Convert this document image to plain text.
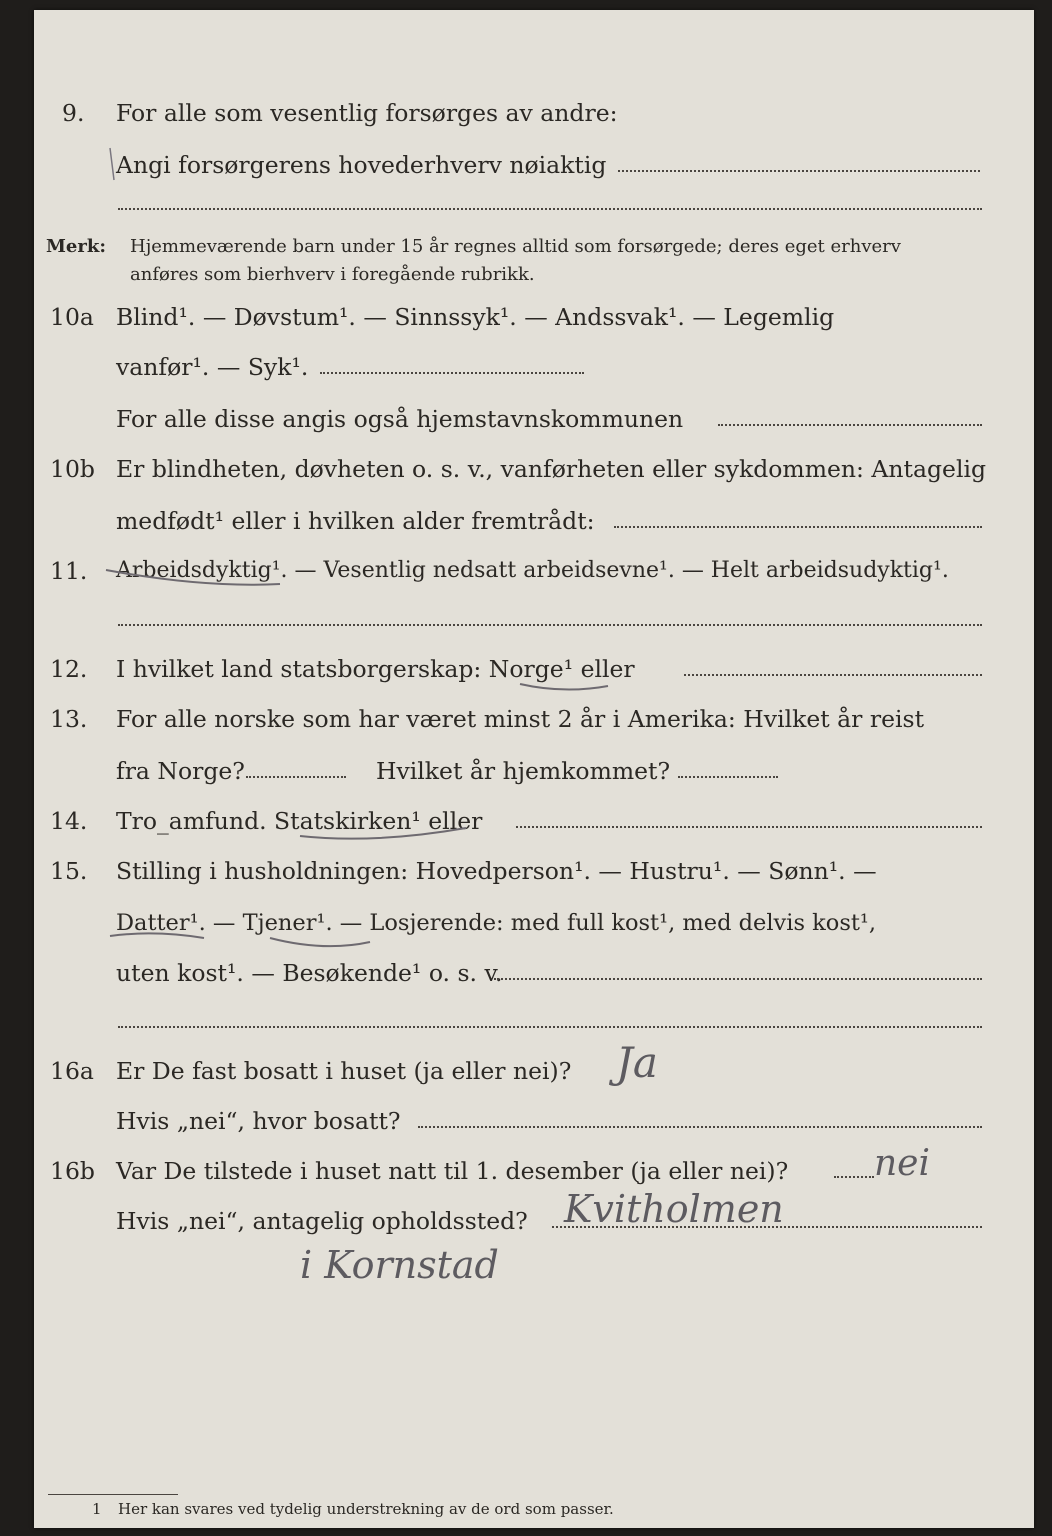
9. For alle som vesentlig forsørges av andre:
Angi forsørgerens hovederhverv nøiaktig
Merk: Hjemmeværende barn under 15 år regnes alltid som forsørgede; deres eget erhverv
anføres som bierhverv i foregående rubrikk.
10a Blind¹. — Døvstum¹. — Sinnssyk¹. — Andssvak¹. — Legemlig
vanfør¹. — Syk¹.
For alle disse angis også hjemstavnskommunen
10b Er blindheten, døvheten o. s. v., vanførheten eller sykdommen: Antagelig
medfødt¹ eller i hvilken alder fremtrådt:
11. Arbeidsdyktig¹. — Vesentlig nedsatt arbeidsevne¹. — Helt arbeidsudyktig¹.
12. I hvilket land statsborgerskap: Norge¹ eller
13. For alle norske som har været minst 2 år i Amerika: Hvilket år reist
fra Norge?	Hvilket år hjemkommet?
14. Tro_amfund. Statskirken¹ eller
15. Stilling i husholdningen: Hovedperson¹. — Hustru¹. — Sønn¹. —
Datter¹. — Tjener¹. — Losjerende: med full kost¹, med delvis kost¹,
uten kost¹. — Besøkende¹ o. s. v.
16a Er De fast bosatt i huset (ja eller nei)? Ja
Hvis „nei“, hvor bosatt?
16b Var De tilstede i huset natt til 1. desember (ja eller nei)? nei
Hvis „nei“, antagelig opholdssted? Kvitholmen
i Kornstad
1 Her kan svares ved tydelig understrekning av de ord som passer.
